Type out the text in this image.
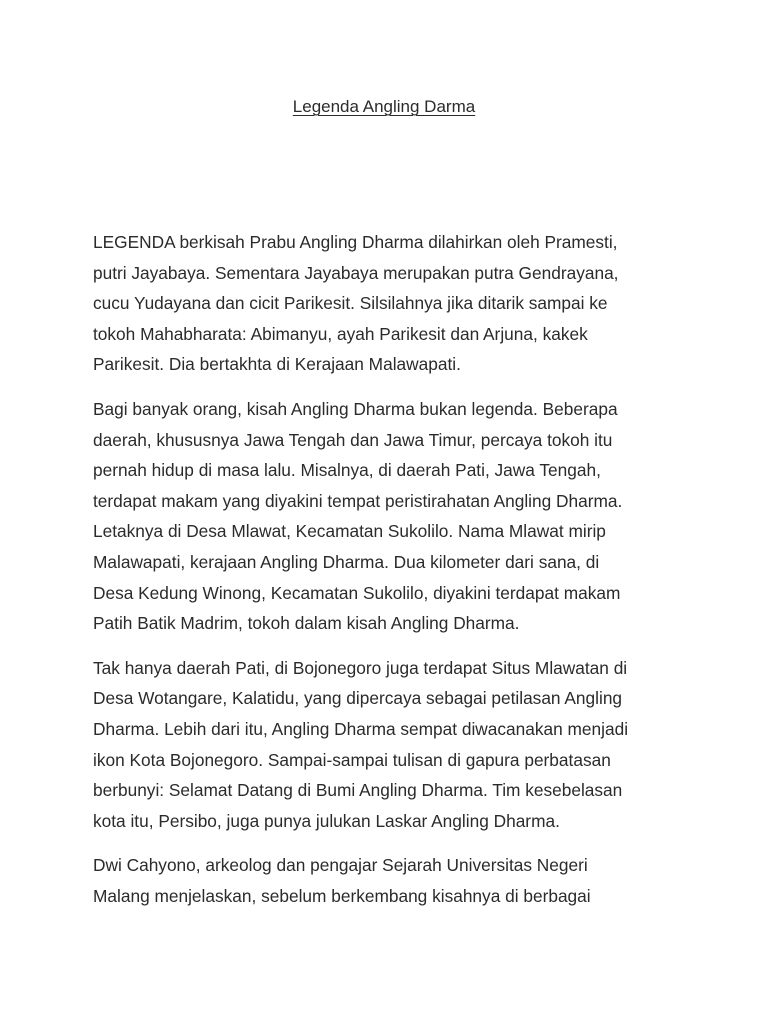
Legenda Angling Darma

LEGENDA berkisah Prabu Angling Dharma dilahirkan oleh Pramesti,
putri Jayabaya. Sementara Jayabaya merupakan putra Gendrayana,
cucu Yudayana dan cicit Parikesit. Silsilahnya jika ditarik sampai ke
tokoh Mahabharata: Abimanyu, ayah Parikesit dan Arjuna, kakek
Parikesit. Dia bertakhta di Kerajaan Malawapati.

Bagi banyak orang, kisah Angling Dharma bukan legenda. Beberapa
daerah, khususnya Jawa Tengah dan Jawa Timur, percaya tokoh itu
pernah hidup di masa lalu. Misalnya, di daerah Pati, Jawa Tengah,
terdapat makam yang diyakini tempat peristirahatan Angling Dharma.
Letaknya di Desa Mlawat, Kecamatan Sukolilo. Nama Mlawat mirip
Malawapati, kerajaan Angling Dharma. Dua kilometer dari sana, di
Desa Kedung Winong, Kecamatan Sukolilo, diyakini terdapat makam
Patih Batik Madrim, tokoh dalam kisah Angling Dharma.

Tak hanya daerah Pati, di Bojonegoro juga terdapat Situs Mlawatan di
Desa Wotangare, Kalatidu, yang dipercaya sebagai petilasan Angling
Dharma. Lebih dari itu, Angling Dharma sempat diwacanakan menjadi
ikon Kota Bojonegoro. Sampai-sampai tulisan di gapura perbatasan
berbunyi: Selamat Datang di Bumi Angling Dharma. Tim kesebelasan
kota itu, Persibo, juga punya julukan Laskar Angling Dharma.

Dwi Cahyono, arkeolog dan pengajar Sejarah Universitas Negeri
Malang menjelaskan, sebelum berkembang kisahnya di berbagai
